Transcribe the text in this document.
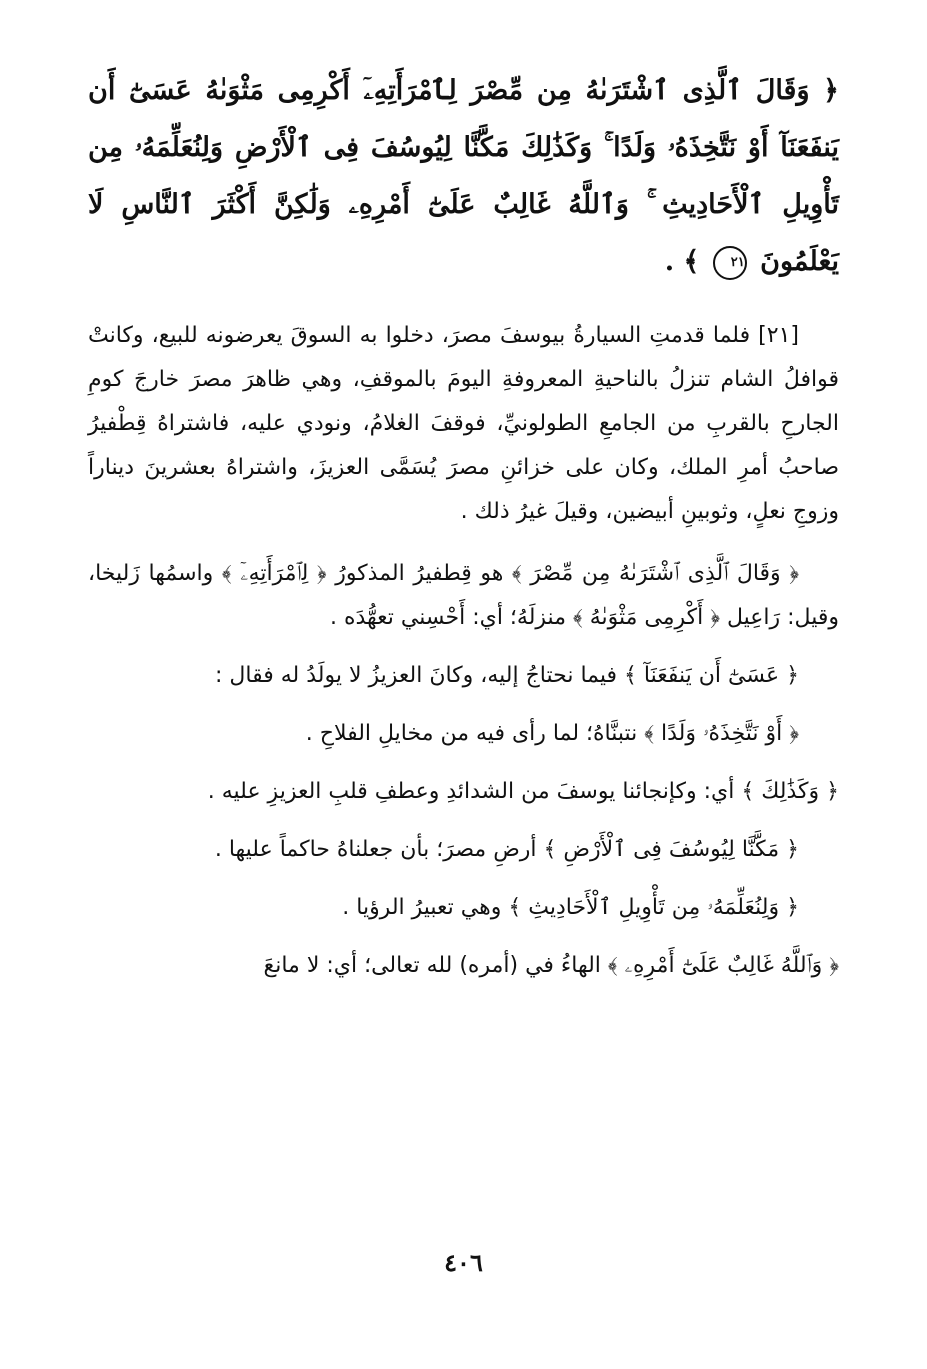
﴿ وَقَالَ ٱلَّذِى ٱشْتَرَىٰهُ مِن مِّصْرَ لِٱمْرَأَتِهِۦٓ أَكْرِمِى مَثْوَىٰهُ عَسَىٰٓ أَن يَنفَعَنَآ أَوْ نَتَّخِذَهُۥ وَلَدًا ۚ وَكَذَٰلِكَ مَكَّنَّا لِيُوسُفَ فِى ٱلْأَرْضِ وَلِنُعَلِّمَهُۥ مِن تَأْوِيلِ ٱلْأَحَادِيثِ ۚ وَٱللَّهُ غَالِبٌ عَلَىٰٓ أَمْرِهِۦ وَلَٰكِنَّ أَكْثَرَ ٱلنَّاسِ لَا يَعْلَمُونَ ٢١ ﴾ .

[٢١] فلما قدمتِ السيارةُ بيوسفَ مصرَ، دخلوا به السوقَ يعرضونه للبيع، وكانتْ قوافلُ الشام تنزلُ بالناحيةِ المعروفةِ اليومَ بالموقفِ، وهي ظاهرَ مصرَ خارجَ كومِ الجارحِ بالقربِ من الجامعِ الطولونيِّ، فوقفَ الغلامُ، ونودي عليه، فاشتراهُ قِطْفيرُ صاحبُ أمرِ الملك، وكان على خزائنِ مصرَ يُسَمَّى العزيزَ، واشتراهُ بعشرينَ ديناراً وزوجِ نعلٍ، وثوبينِ أبيضين، وقيلَ غيرُ ذلك .

﴿ وَقَالَ ٱلَّذِى ٱشْتَرَىٰهُ مِن مِّصْرَ ﴾ هو قِطفيرُ المذكورُ ﴿ لِٱمْرَأَتِهِۦٓ ﴾ واسمُها زَليخا، وقيل: رَاعِيل ﴿ أَكْرِمِى مَثْوَىٰهُ ﴾ منزلَهُ؛ أي: أَحْسِني تعهُّدَه .

﴿ عَسَىٰٓ أَن يَنفَعَنَآ ﴾ فيما نحتاجُ إليه، وكانَ العزيزُ لا يولَدُ له فقال :

﴿ أَوْ نَتَّخِذَهُۥ وَلَدًا ﴾ نتبنَّاهُ؛ لما رأى فيه من مخايلِ الفلاحِ .

﴿ وَكَذَٰلِكَ ﴾ أي: وكإنجائنا يوسفَ من الشدائدِ وعطفِ قلبِ العزيزِ عليه .

﴿ مَكَّنَّا لِيُوسُفَ فِى ٱلْأَرْضِ ﴾ أرضِ مصرَ؛ بأن جعلناهُ حاكماً عليها .

﴿ وَلِنُعَلِّمَهُۥ مِن تَأْوِيلِ ٱلْأَحَادِيثِ ﴾ وهي تعبيرُ الرؤيا .

﴿ وَٱللَّهُ غَالِبٌ عَلَىٰٓ أَمْرِهِۦ ﴾ الهاءُ في (أمره) لله تعالى؛ أي: لا مانعَ

٤٠٦
